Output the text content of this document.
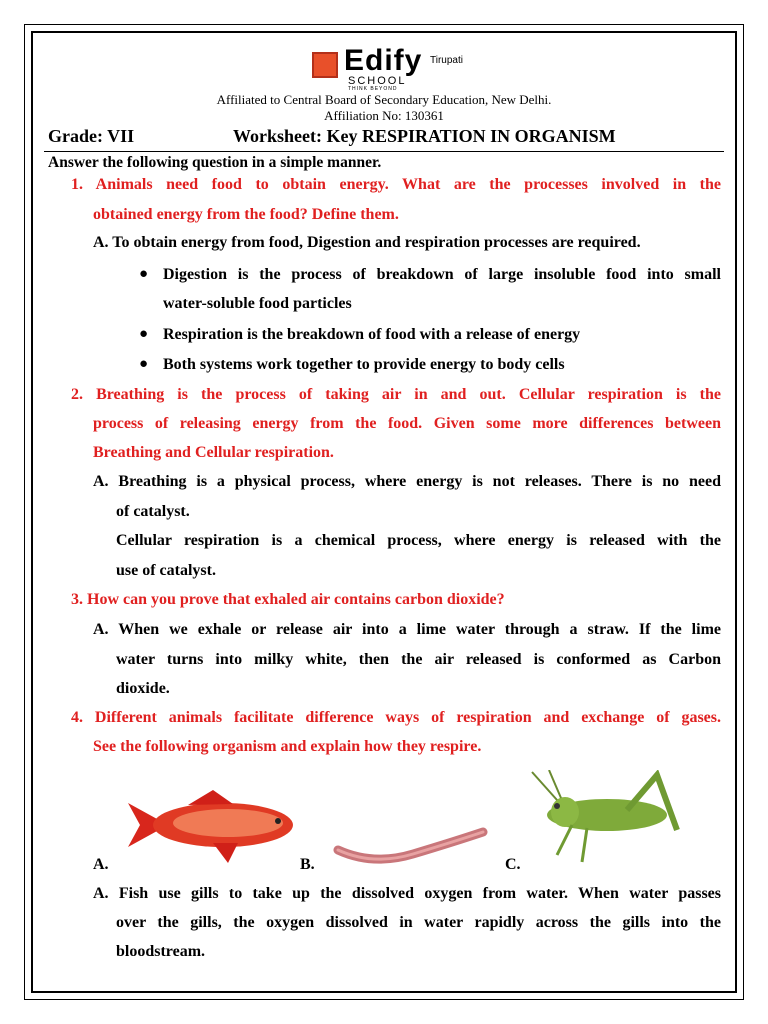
Edify
SCHOOL
THINK BEYOND
Tirupati
Affiliated to Central Board of Secondary Education, New Delhi.
Affiliation No: 130361
Grade: VII	Worksheet: Key RESPIRATION IN ORGANISM
Answer the following question in a simple manner.
1. Animals need food to obtain energy. What are the processes involved in the
obtained energy from the food? Define them.
A. To obtain energy from food, Digestion and respiration processes are required.
● Digestion is the process of breakdown of large insoluble food into small
water-soluble food particles
● Respiration is the breakdown of food with a release of energy
● Both systems work together to provide energy to body cells
2. Breathing is the process of taking air in and out. Cellular respiration is the
process of releasing energy from the food. Given some more differences between
Breathing and Cellular respiration.
A. Breathing is a physical process, where energy is not releases. There is no need
of catalyst.
Cellular respiration is a chemical process, where energy is released with the
use of catalyst.
3. How can you prove that exhaled air contains carbon dioxide?
A. When we exhale or release air into a lime water through a straw. If the lime
water turns into milky white, then the air released is conformed as Carbon
dioxide.
4. Different animals facilitate difference ways of respiration and exchange of gases.
See the following organism and explain how they respire.
A.	B.	C.
A. Fish use gills to take up the dissolved oxygen from water. When water passes
over the gills, the oxygen dissolved in water rapidly across the gills into the
bloodstream.
